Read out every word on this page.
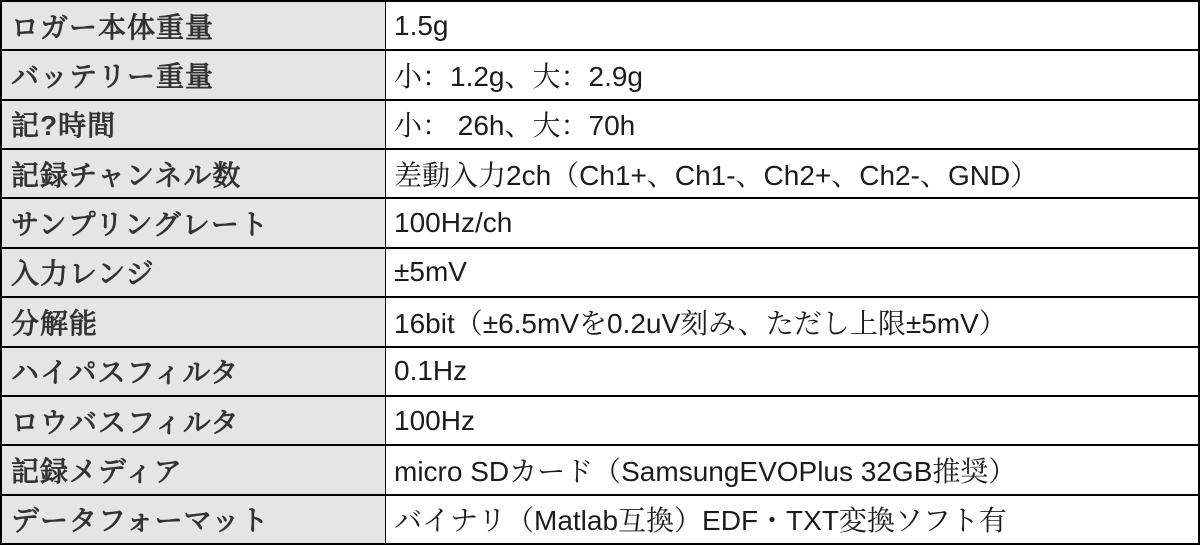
ロガー本体重量	1.5g
バッテリー重量	小：1.2g、大：2.9g
記?時間	小： 26h、大：70h
記録チャンネル数	差動入力2ch（Ch1+、Ch1-、Ch2+、Ch2-、GND）
サンプリングレート	100Hz/ch
入力レンジ	±5mV
分解能	16bit（±6.5mVを0.2uV刻み、ただし上限±5mV）
ハイパスフィルタ	0.1Hz
ロウバスフィルタ	100Hz
記録メディア	micro SDカード（SamsungEVOPlus 32GB推奨）
データフォーマット	バイナリ（Matlab互換）EDF・TXT変換ソフト有
